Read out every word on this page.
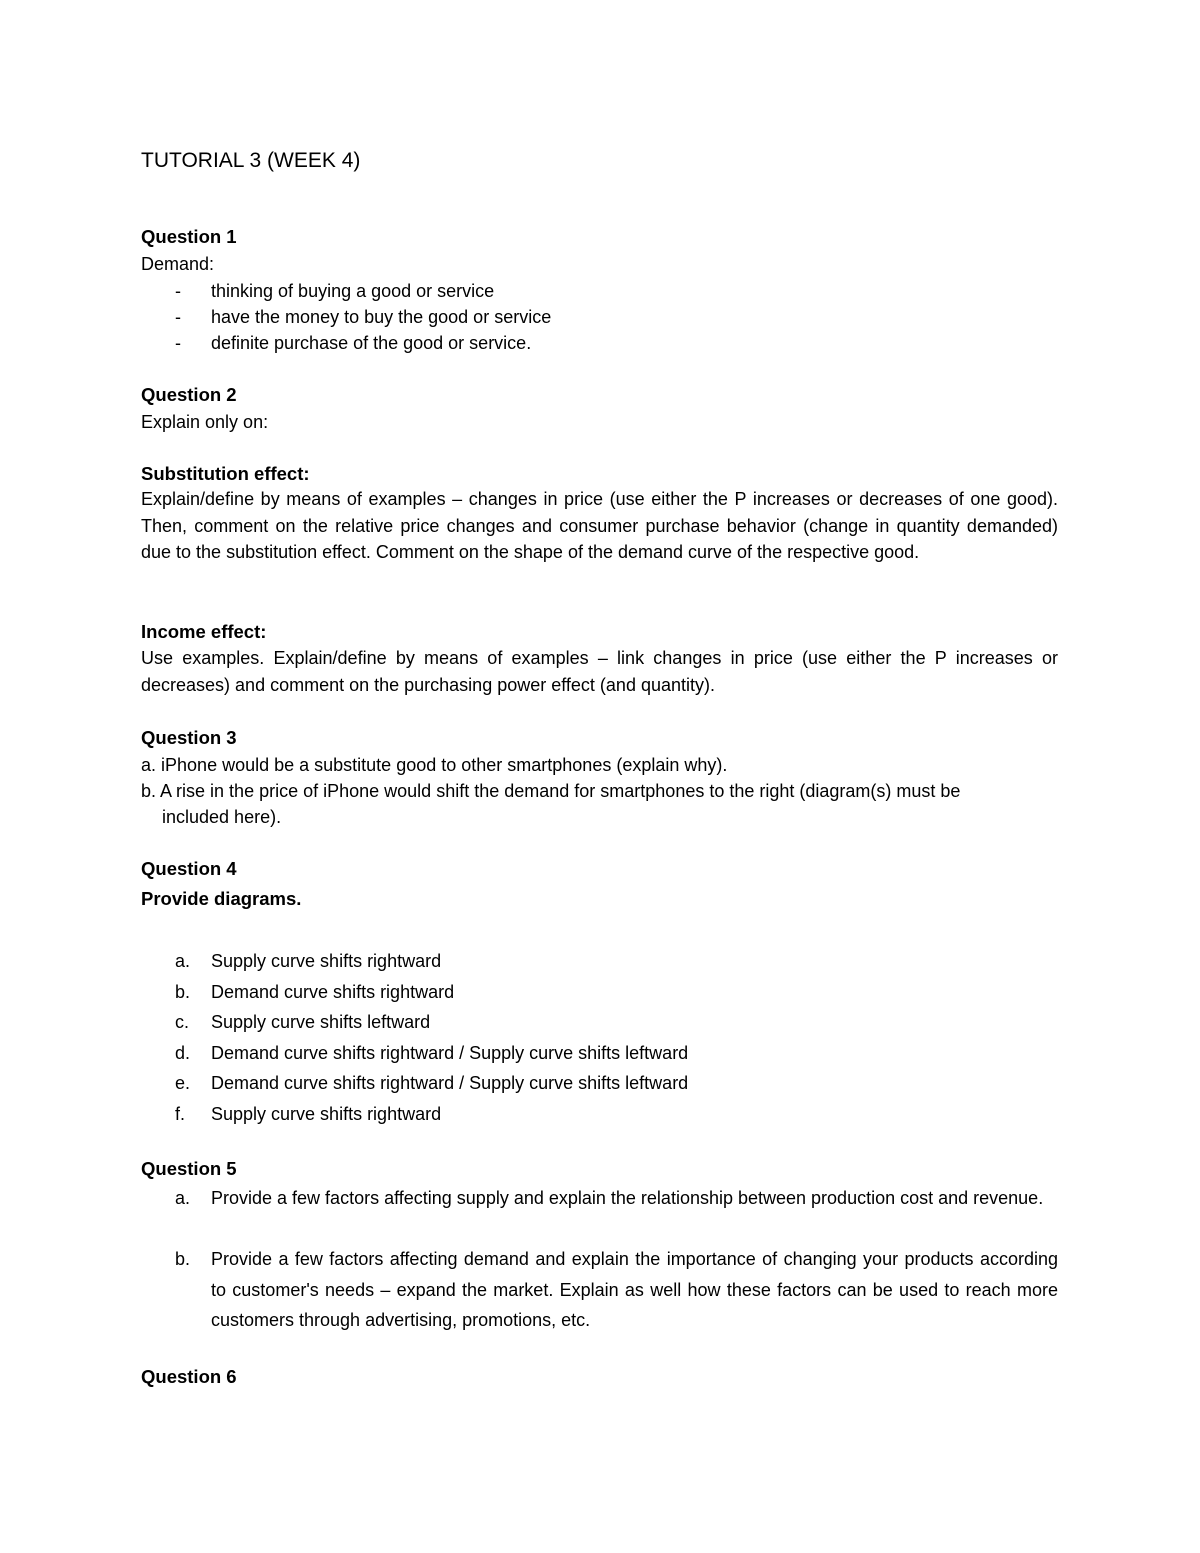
TUTORIAL 3 (WEEK 4)
Question 1
Demand:
- thinking of buying a good or service
- have the money to buy the good or service
- definite purchase of the good or service.
Question 2
Explain only on:
Substitution effect:
Explain/define by means of examples – changes in price (use either the P increases or decreases of one good). Then, comment on the relative price changes and consumer purchase behavior (change in quantity demanded) due to the substitution effect. Comment on the shape of the demand curve of the respective good.
Income effect:
Use examples. Explain/define by means of examples – link changes in price (use either the P increases or decreases) and comment on the purchasing power effect (and quantity).
Question 3
a. iPhone would be a substitute good to other smartphones (explain why).
b. A rise in the price of iPhone would shift the demand for smartphones to the right (diagram(s) must be
included here).
Question 4
Provide diagrams.
a. Supply curve shifts rightward
b. Demand curve shifts rightward
c. Supply curve shifts leftward
d. Demand curve shifts rightward / Supply curve shifts leftward
e. Demand curve shifts rightward / Supply curve shifts leftward
f. Supply curve shifts rightward
Question 5
a. Provide a few factors affecting supply and explain the relationship between production cost and revenue.
b. Provide a few factors affecting demand and explain the importance of changing your products according to customer's needs – expand the market. Explain as well how these factors can be used to reach more customers through advertising, promotions, etc.
Question 6
